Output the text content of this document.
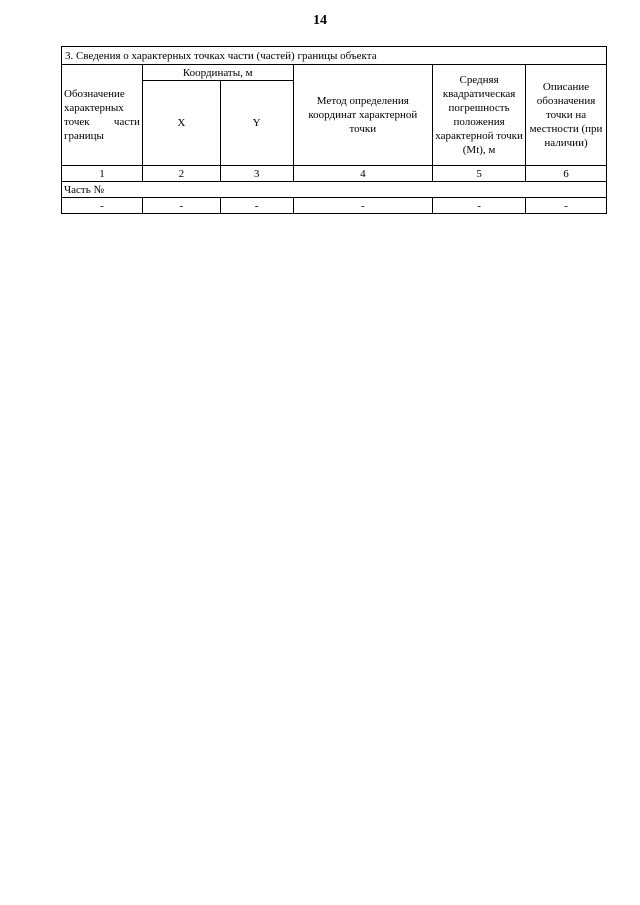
14
3. Сведения о характерных точках части (частей) границы объекта					
Обозначение характерных точек части границы	Координаты, м		Метод определения координат характерной точки	Средняя квадратическая погрешность положения характерной точки (Mt), м	Описание обозначения точки на местности (при наличии)
	X	Y			
1	2	3	4	5	6
Часть №					
-	-	-	-	-	-
